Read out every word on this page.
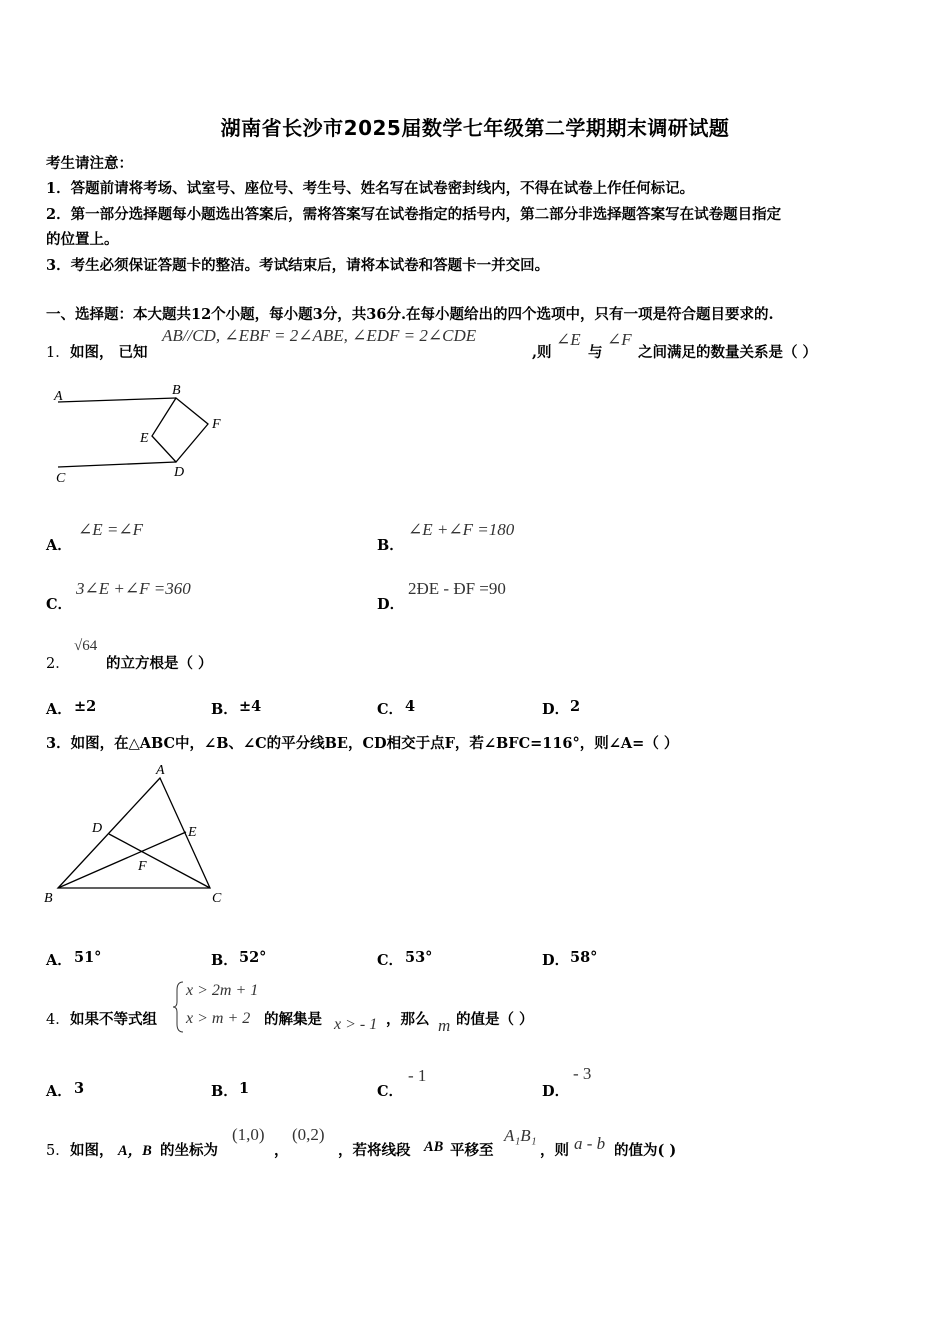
湖南省长沙市2025届数学七年级第二学期期末调研试题
考生请注意：
1．答题前请将考场、试室号、座位号、考生号、姓名写在试卷密封线内，不得在试卷上作任何标记。
2．第一部分选择题每小题选出答案后，需将答案写在试卷指定的括号内，第二部分非选择题答案写在试卷题目指定
的位置上。
3．考生必须保证答题卡的整洁。考试结束后，请将本试卷和答题卡一并交回。
一、选择题：本大题共12个小题，每小题3分，共36分.在每小题给出的四个选项中，只有一项是符合题目要求的.
1． 如图， 已知
AB//CD, ∠EBF = 2∠ABE, ∠EDF = 2∠CDE
,则
∠E
与
∠F
之间满足的数量关系是（ ）
A	B
E
F
C	D
A．
∠E =∠F
B．
∠E +∠F =180
C．
3∠E +∠F =360
D．
2ÐE - ÐF =90
2．
√64
的立方根是（ ）
A． ±2	B． ±4	C． 4	D． 2
3．如图，在△ABC中，∠B、∠C的平分线BE，CD相交于点F，若∠BFC=116°，则∠A=（ ）
A
D	E
F
B	C
A． 51°	B． 52°	C． 53°	D． 58°
4． 如果不等式组
x > 2m + 1
x > m + 2 的解集是 x > - 1 ，那么 m 的值是（ ）
A． 3	B． 1	C．
- 1
D．
- 3
5． 如图， A，B 的坐标为
(1,0)
，
(0,2)
，若将线段 AB 平移至
A₁B₁
，则 a - b 的值为( )
